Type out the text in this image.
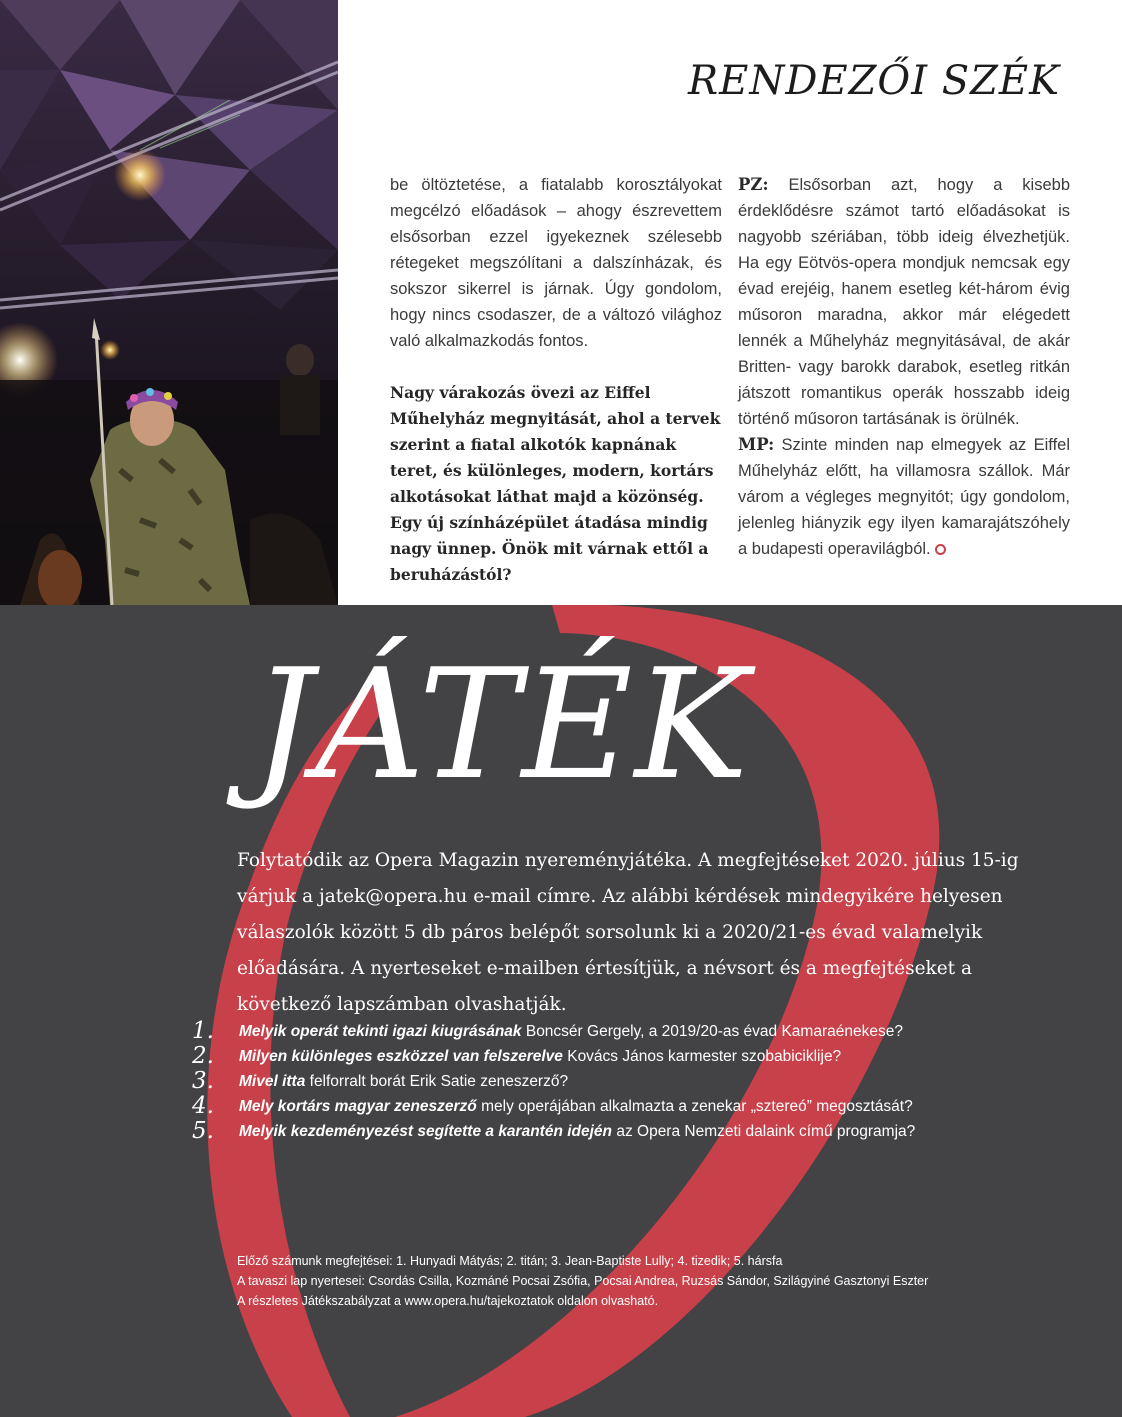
RENDEZŐI SZÉK

be öltöztetése, a fiatalabb korosztályokat megcélzó előadások – ahogy észrevettem elsősorban ezzel igyekeznek szélesebb rétegeket megszólítani a dalszínházak, és sokszor sikerrel is járnak. Úgy gondolom, hogy nincs csodaszer, de a változó világhoz való alkalmazkodás fontos.

Nagy várakozás övezi az Eiffel Műhelyház megnyitását, ahol a tervek szerint a fiatal alkotók kapnának teret, és különleges, modern, kortárs alkotásokat láthat majd a közönség. Egy új színházépület átadása mindig nagy ünnep. Önök mit várnak ettől a beruházástól?

PZ: Elsősorban azt, hogy a kisebb érdeklődésre számot tartó előadásokat is nagyobb szériában, több ideig élvezhetjük. Ha egy Eötvös-opera mondjuk nemcsak egy évad erejéig, hanem esetleg két-három évig műsoron maradna, akkor már elégedett lennék a Műhelyház megnyitásával, de akár Britten- vagy barokk darabok, esetleg ritkán játszott romantikus operák hosszabb ideig történő műsoron tartásának is örülnék.

MP: Szinte minden nap elmegyek az Eiffel Műhelyház előtt, ha villamosra szállok. Már várom a végleges megnyitót; úgy gondolom, jelenleg hiányzik egy ilyen kamarajátszóhely a budapesti operavilágból.

JÁTÉK

Folytatódik az Opera Magazin nyereményjátéka. A megfejtéseket 2020. július 15-ig várjuk a jatek@opera.hu e-mail címre. Az alábbi kérdések mindegyikére helyesen válaszolók között 5 db páros belépőt sorsolunk ki a 2020/21-es évad valamelyik előadására. A nyerteseket e-mailben értesítjük, a névsort és a megfejtéseket a következő lapszámban olvashatják.

1. Melyik operát tekinti igazi kiugrásának Boncsér Gergely, a 2019/20-as évad Kamaraénekese?
2. Milyen különleges eszközzel van felszerelve Kovács János karmester szobabiciklije?
3. Mivel itta felforralt borát Erik Satie zeneszerző?
4. Mely kortárs magyar zeneszerző mely operájában alkalmazta a zenekar „sztereó” megosztását?
5. Melyik kezdeményezést segítette a karantén idején az Opera Nemzeti dalaink című programja?
Előző számunk megfejtései: 1. Hunyadi Mátyás; 2. titán; 3. Jean-Baptiste Lully; 4. tizedik; 5. hársfa
A tavaszi lap nyertesei: Csordás Csilla, Kozmáné Pocsai Zsófia, Pocsai Andrea, Ruzsás Sándor, Szilágyiné Gasztonyi Eszter
A részletes Játékszabályzat a www.opera.hu/tajekoztatok oldalon olvasható.
